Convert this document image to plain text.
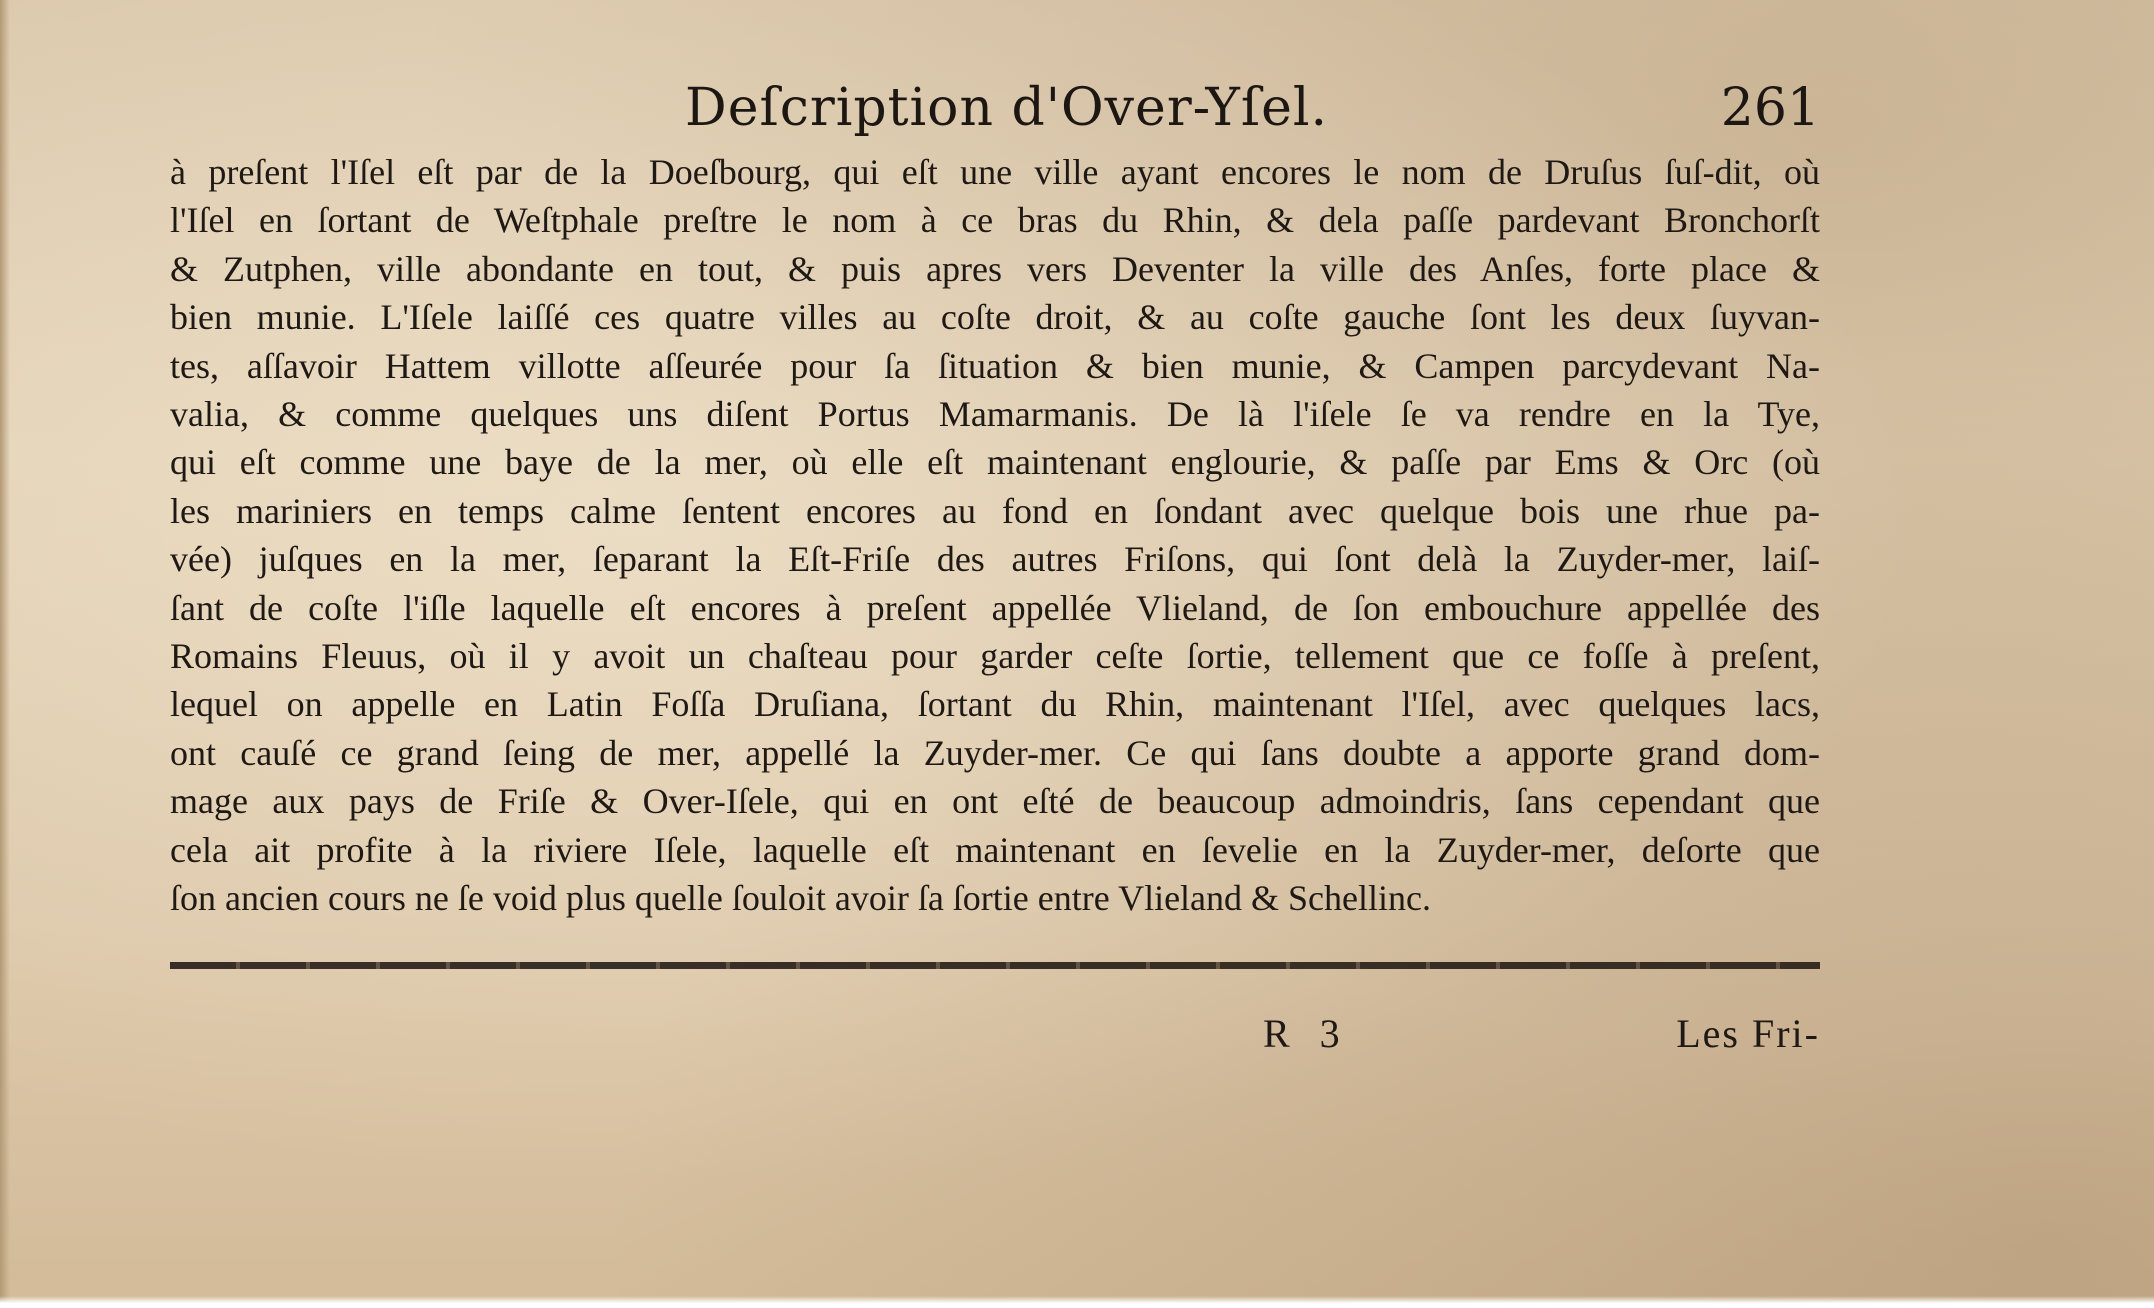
Deſcription d'Over-Yſel.	261
à preſent l'Iſel eſt par de la Doeſbourg, qui eſt une ville ayant encores le nom de Druſus ſuſ-dit, où
l'Iſel en ſortant de Weſtphale preſtre le nom à ce bras du Rhin, & dela paſſe pardevant Bronchorſt
& Zutphen, ville abondante en tout, & puis apres vers Deventer la ville des Anſes, forte place &
bien munie. L'Iſele laiſſé ces quatre villes au coſte droit, & au coſte gauche ſont les deux ſuyvan-
tes, aſſavoir Hattem villotte aſſeurée pour ſa ſituation & bien munie, & Campen parcydevant Na-
valia, & comme quelques uns diſent Portus Mamarmanis. De là l'iſele ſe va rendre en la Tye,
qui eſt comme une baye de la mer, où elle eſt maintenant englourie, & paſſe par Ems & Orc (où
les mariniers en temps calme ſentent encores au fond en ſondant avec quelque bois une rhue pa-
vée) juſques en la mer, ſeparant la Eſt-Friſe des autres Friſons, qui ſont delà la Zuyder-mer, laiſ-
ſant de coſte l'iſle laquelle eſt encores à preſent appellée Vlieland, de ſon embouchure appellée des
Romains Fleuus, où il y avoit un chaſteau pour garder ceſte ſortie, tellement que ce foſſe à preſent,
lequel on appelle en Latin Foſſa Druſiana, ſortant du Rhin, maintenant l'Iſel, avec quelques lacs,
ont cauſé ce grand ſeing de mer, appellé la Zuyder-mer. Ce qui ſans doubte a apporte grand dom-
mage aux pays de Friſe & Over-Iſele, qui en ont eſté de beaucoup admoindris, ſans cependant que
cela ait profite à la riviere Iſele, laquelle eſt maintenant en ſevelie en la Zuyder-mer, deſorte que
ſon ancien cours ne ſe void plus quelle ſouloit avoir ſa ſortie entre Vlieland & Schellinc.
R 3	Les Fri-
